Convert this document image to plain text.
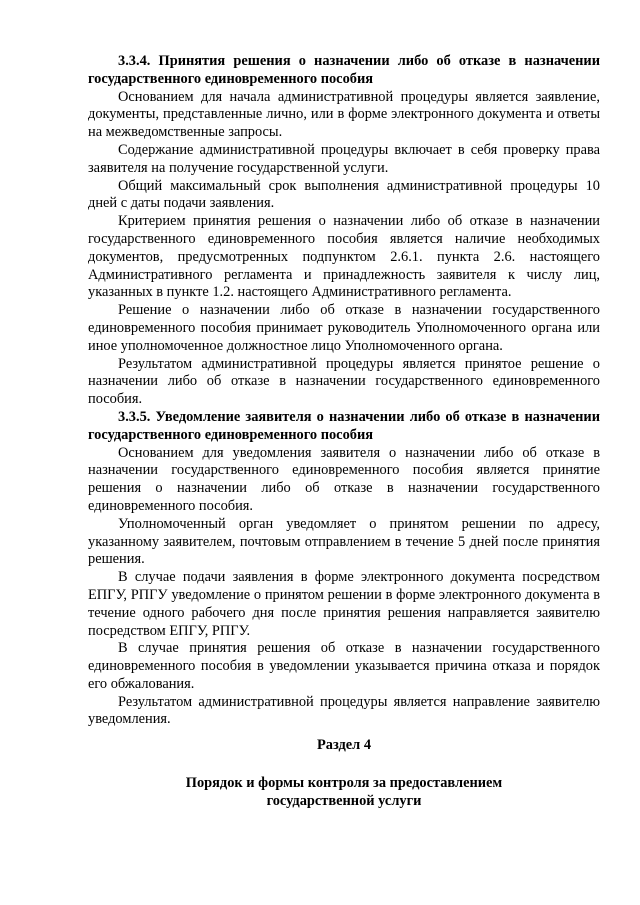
3.3.4. Принятия решения о назначении либо об отказе в назначении государственного единовременного пособия

Основанием для начала административной процедуры является заявление, документы, представленные лично, или в форме электронного документа и ответы на межведомственные запросы.

Содержание административной процедуры включает в себя проверку права заявителя на получение государственной услуги.

Общий максимальный срок выполнения административной процедуры 10 дней с даты подачи заявления.

Критерием принятия решения о назначении либо об отказе в назначении государственного единовременного пособия является наличие необходимых документов, предусмотренных подпунктом 2.6.1. пункта 2.6. настоящего Административного регламента и принадлежность заявителя к числу лиц, указанных в пункте 1.2. настоящего Административного регламента.

Решение о назначении либо об отказе в назначении государственного единовременного пособия принимает руководитель Уполномоченного органа или иное уполномоченное должностное лицо Уполномоченного органа.

Результатом административной процедуры является принятое решение о назначении либо об отказе в назначении государственного единовременного пособия.

3.3.5. Уведомление заявителя о назначении либо об отказе в назначении государственного единовременного пособия

Основанием для уведомления заявителя о назначении либо об отказе в назначении государственного единовременного пособия является принятие решения о назначении либо об отказе в назначении государственного единовременного пособия.

Уполномоченный орган уведомляет о принятом решении по адресу, указанному заявителем, почтовым отправлением в течение 5 дней после принятия решения.

В случае подачи заявления в форме электронного документа посредством ЕПГУ, РПГУ уведомление о принятом решении в форме электронного документа в течение одного рабочего дня после принятия решения направляется заявителю посредством ЕПГУ, РПГУ.

В случае принятия решения об отказе в назначении государственного единовременного пособия в уведомлении указывается причина отказа и порядок его обжалования.

Результатом административной процедуры является направление заявителю уведомления.

Раздел 4

Порядок и формы контроля за предоставлением

государственной услуги
